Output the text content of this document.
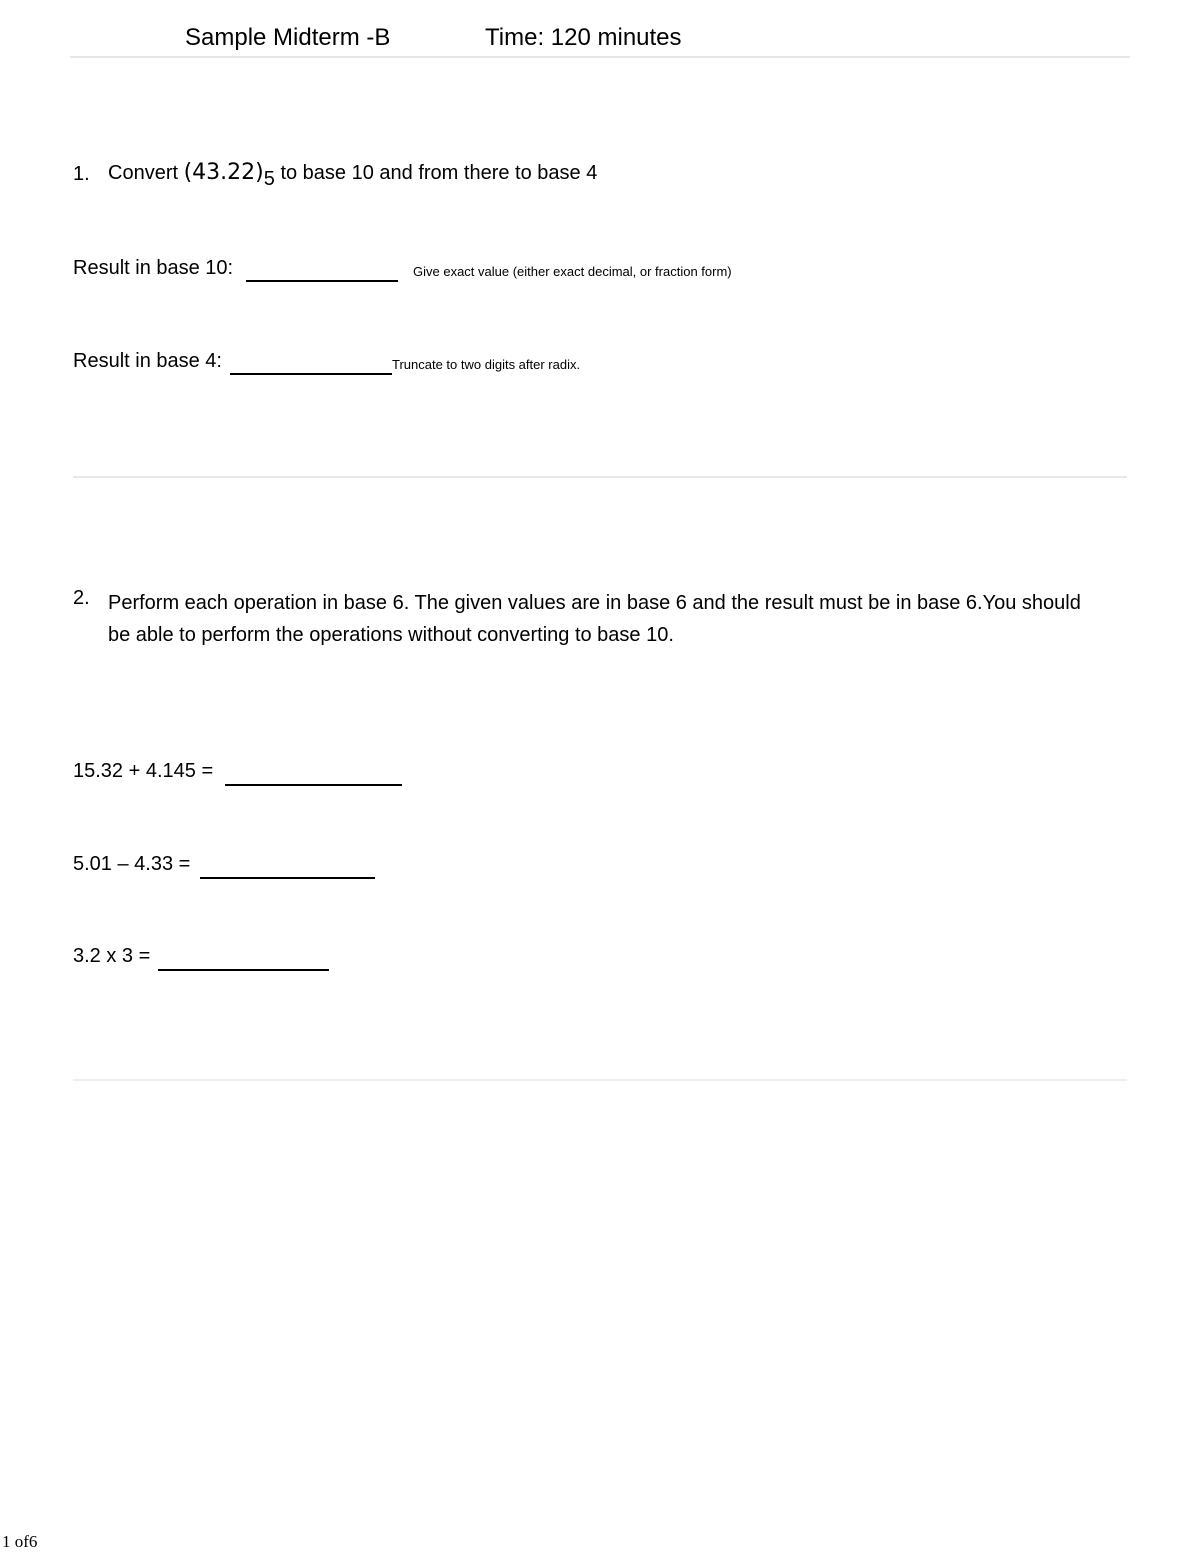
Sample Midterm -B	Time: 120 minutes
1. Convert (43.22)5 to base 10 and from there to base 4
Result in base 10:	Give exact value (either exact decimal, or fraction form)
Result in base 4:	Truncate to two digits after radix.
2. Perform each operation in base 6. The given values are in base 6 and the result must be in base 6.You should be able to perform the operations without converting to base 10.
15.32 + 4.145 =
5.01 – 4.33 =
3.2 x 3 =
1 of6
